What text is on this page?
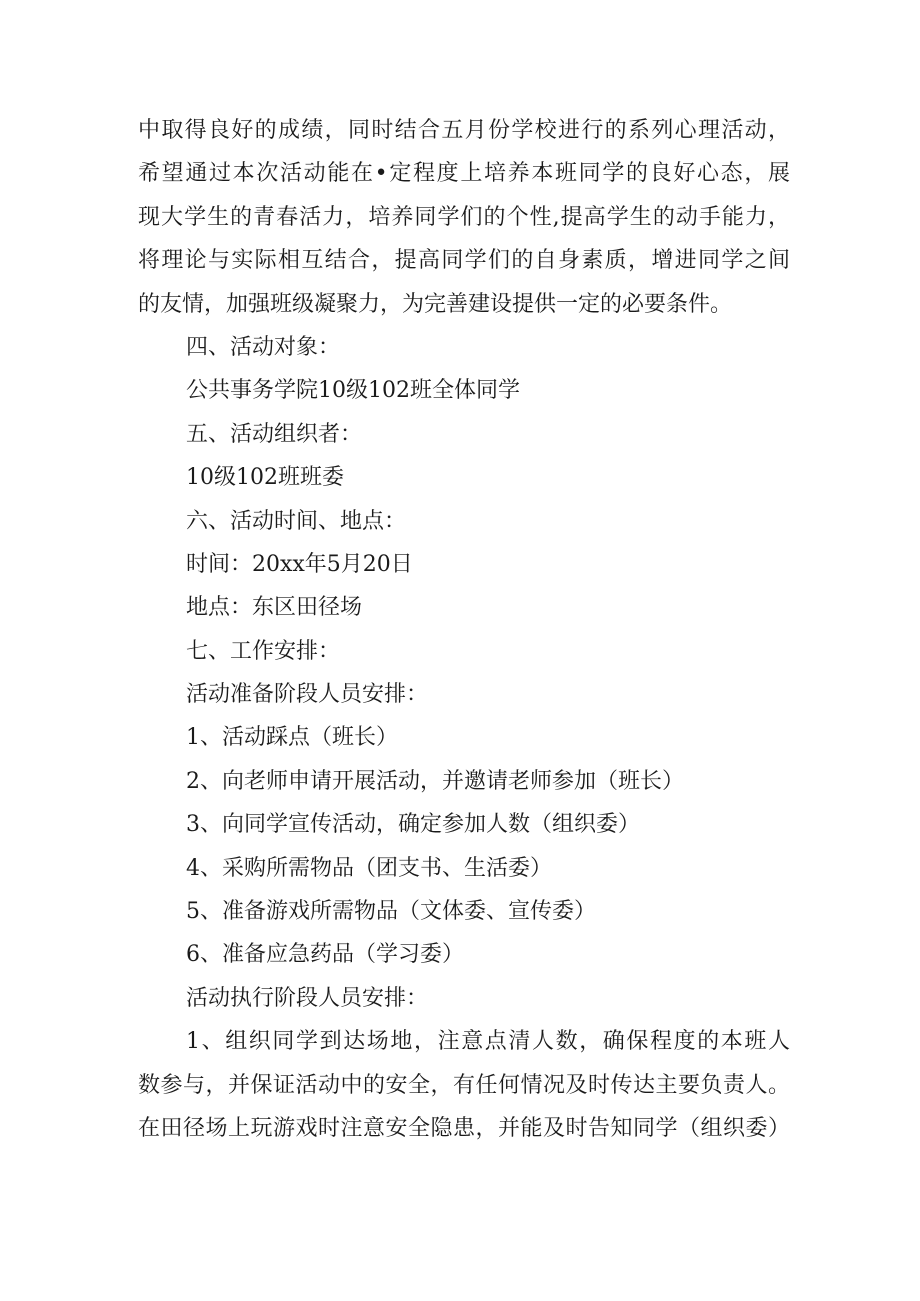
中取得良好的成绩，同时结合五月份学校进行的系列心理活动，
希望通过本次活动能在•定程度上培养本班同学的良好心态，展
现大学生的青春活力，培养同学们的个性,提高学生的动手能力，
将理论与实际相互结合，提高同学们的自身素质，增进同学之间
的友情，加强班级凝聚力，为完善建设提供一定的必要条件。
四、活动对象：
公共事务学院10级102班全体同学
五、活动组织者：
10级102班班委
六、活动时间、地点：
时间：20xx年5月20日
地点：东区田径场
七、工作安排：
活动准备阶段人员安排：
1、活动踩点（班长）
2、向老师申请开展活动，并邀请老师参加（班长）
3、向同学宣传活动，确定参加人数（组织委）
4、采购所需物品（团支书、生活委）
5、准备游戏所需物品（文体委、宣传委）
6、准备应急药品（学习委）
活动执行阶段人员安排：
1、组织同学到达场地，注意点清人数，确保程度的本班人
数参与，并保证活动中的安全，有任何情况及时传达主要负责人。
在田径场上玩游戏时注意安全隐患，并能及时告知同学（组织委）
